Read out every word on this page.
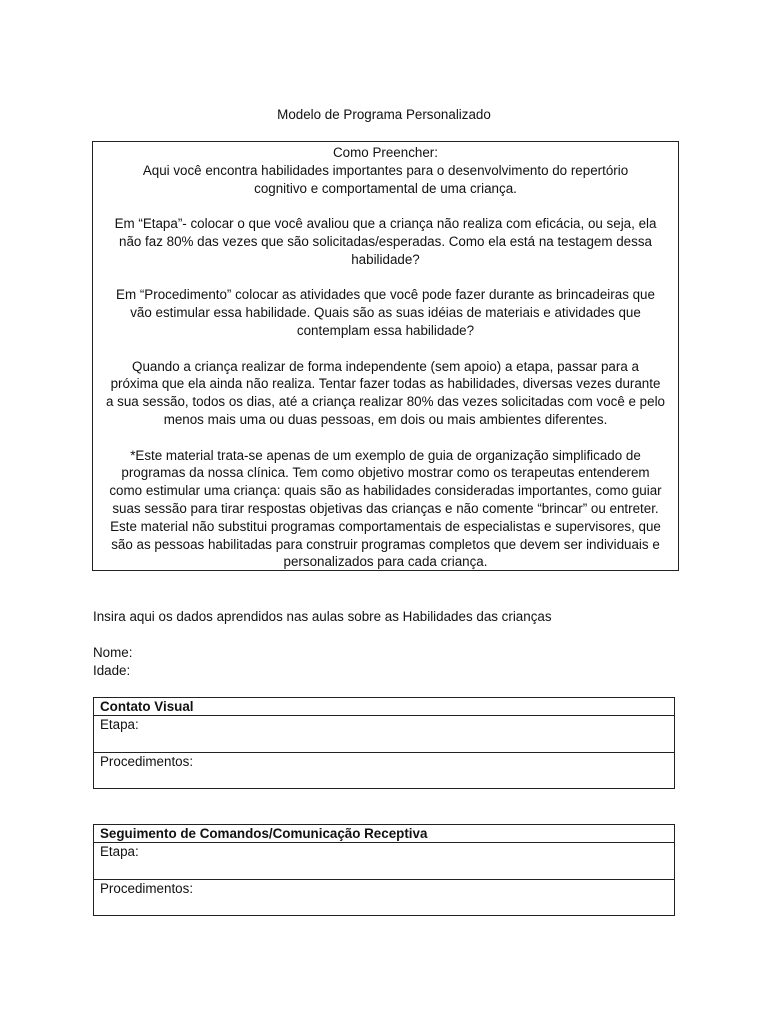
Modelo de Programa Personalizado

Como Preencher:
Aqui você encontra habilidades importantes para o desenvolvimento do repertório
cognitivo e comportamental de uma criança.

Em “Etapa”- colocar o que você avaliou que a criança não realiza com eficácia, ou seja, ela
não faz 80% das vezes que são solicitadas/esperadas. Como ela está na testagem dessa
habilidade?

Em “Procedimento” colocar as atividades que você pode fazer durante as brincadeiras que
vão estimular essa habilidade. Quais são as suas idéias de materiais e atividades que
contemplam essa habilidade?

Quando a criança realizar de forma independente (sem apoio) a etapa, passar para a
próxima que ela ainda não realiza. Tentar fazer todas as habilidades, diversas vezes durante
a sua sessão, todos os dias, até a criança realizar 80% das vezes solicitadas com você e pelo
menos mais uma ou duas pessoas, em dois ou mais ambientes diferentes.

*Este material trata-se apenas de um exemplo de guia de organização simplificado de
programas da nossa clínica. Tem como objetivo mostrar como os terapeutas entenderem
como estimular uma criança: quais são as habilidades consideradas importantes, como guiar
suas sessão para tirar respostas objetivas das crianças e não comente “brincar” ou entreter.
Este material não substitui programas comportamentais de especialistas e supervisores, que
são as pessoas habilitadas para construir programas completos que devem ser individuais e
personalizados para cada criança.

Insira aqui os dados aprendidos nas aulas sobre as Habilidades das crianças
Nome:
Idade:
Contato Visual
Etapa:
Procedimentos:
Seguimento de Comandos/Comunicação Receptiva
Etapa:
Procedimentos:
